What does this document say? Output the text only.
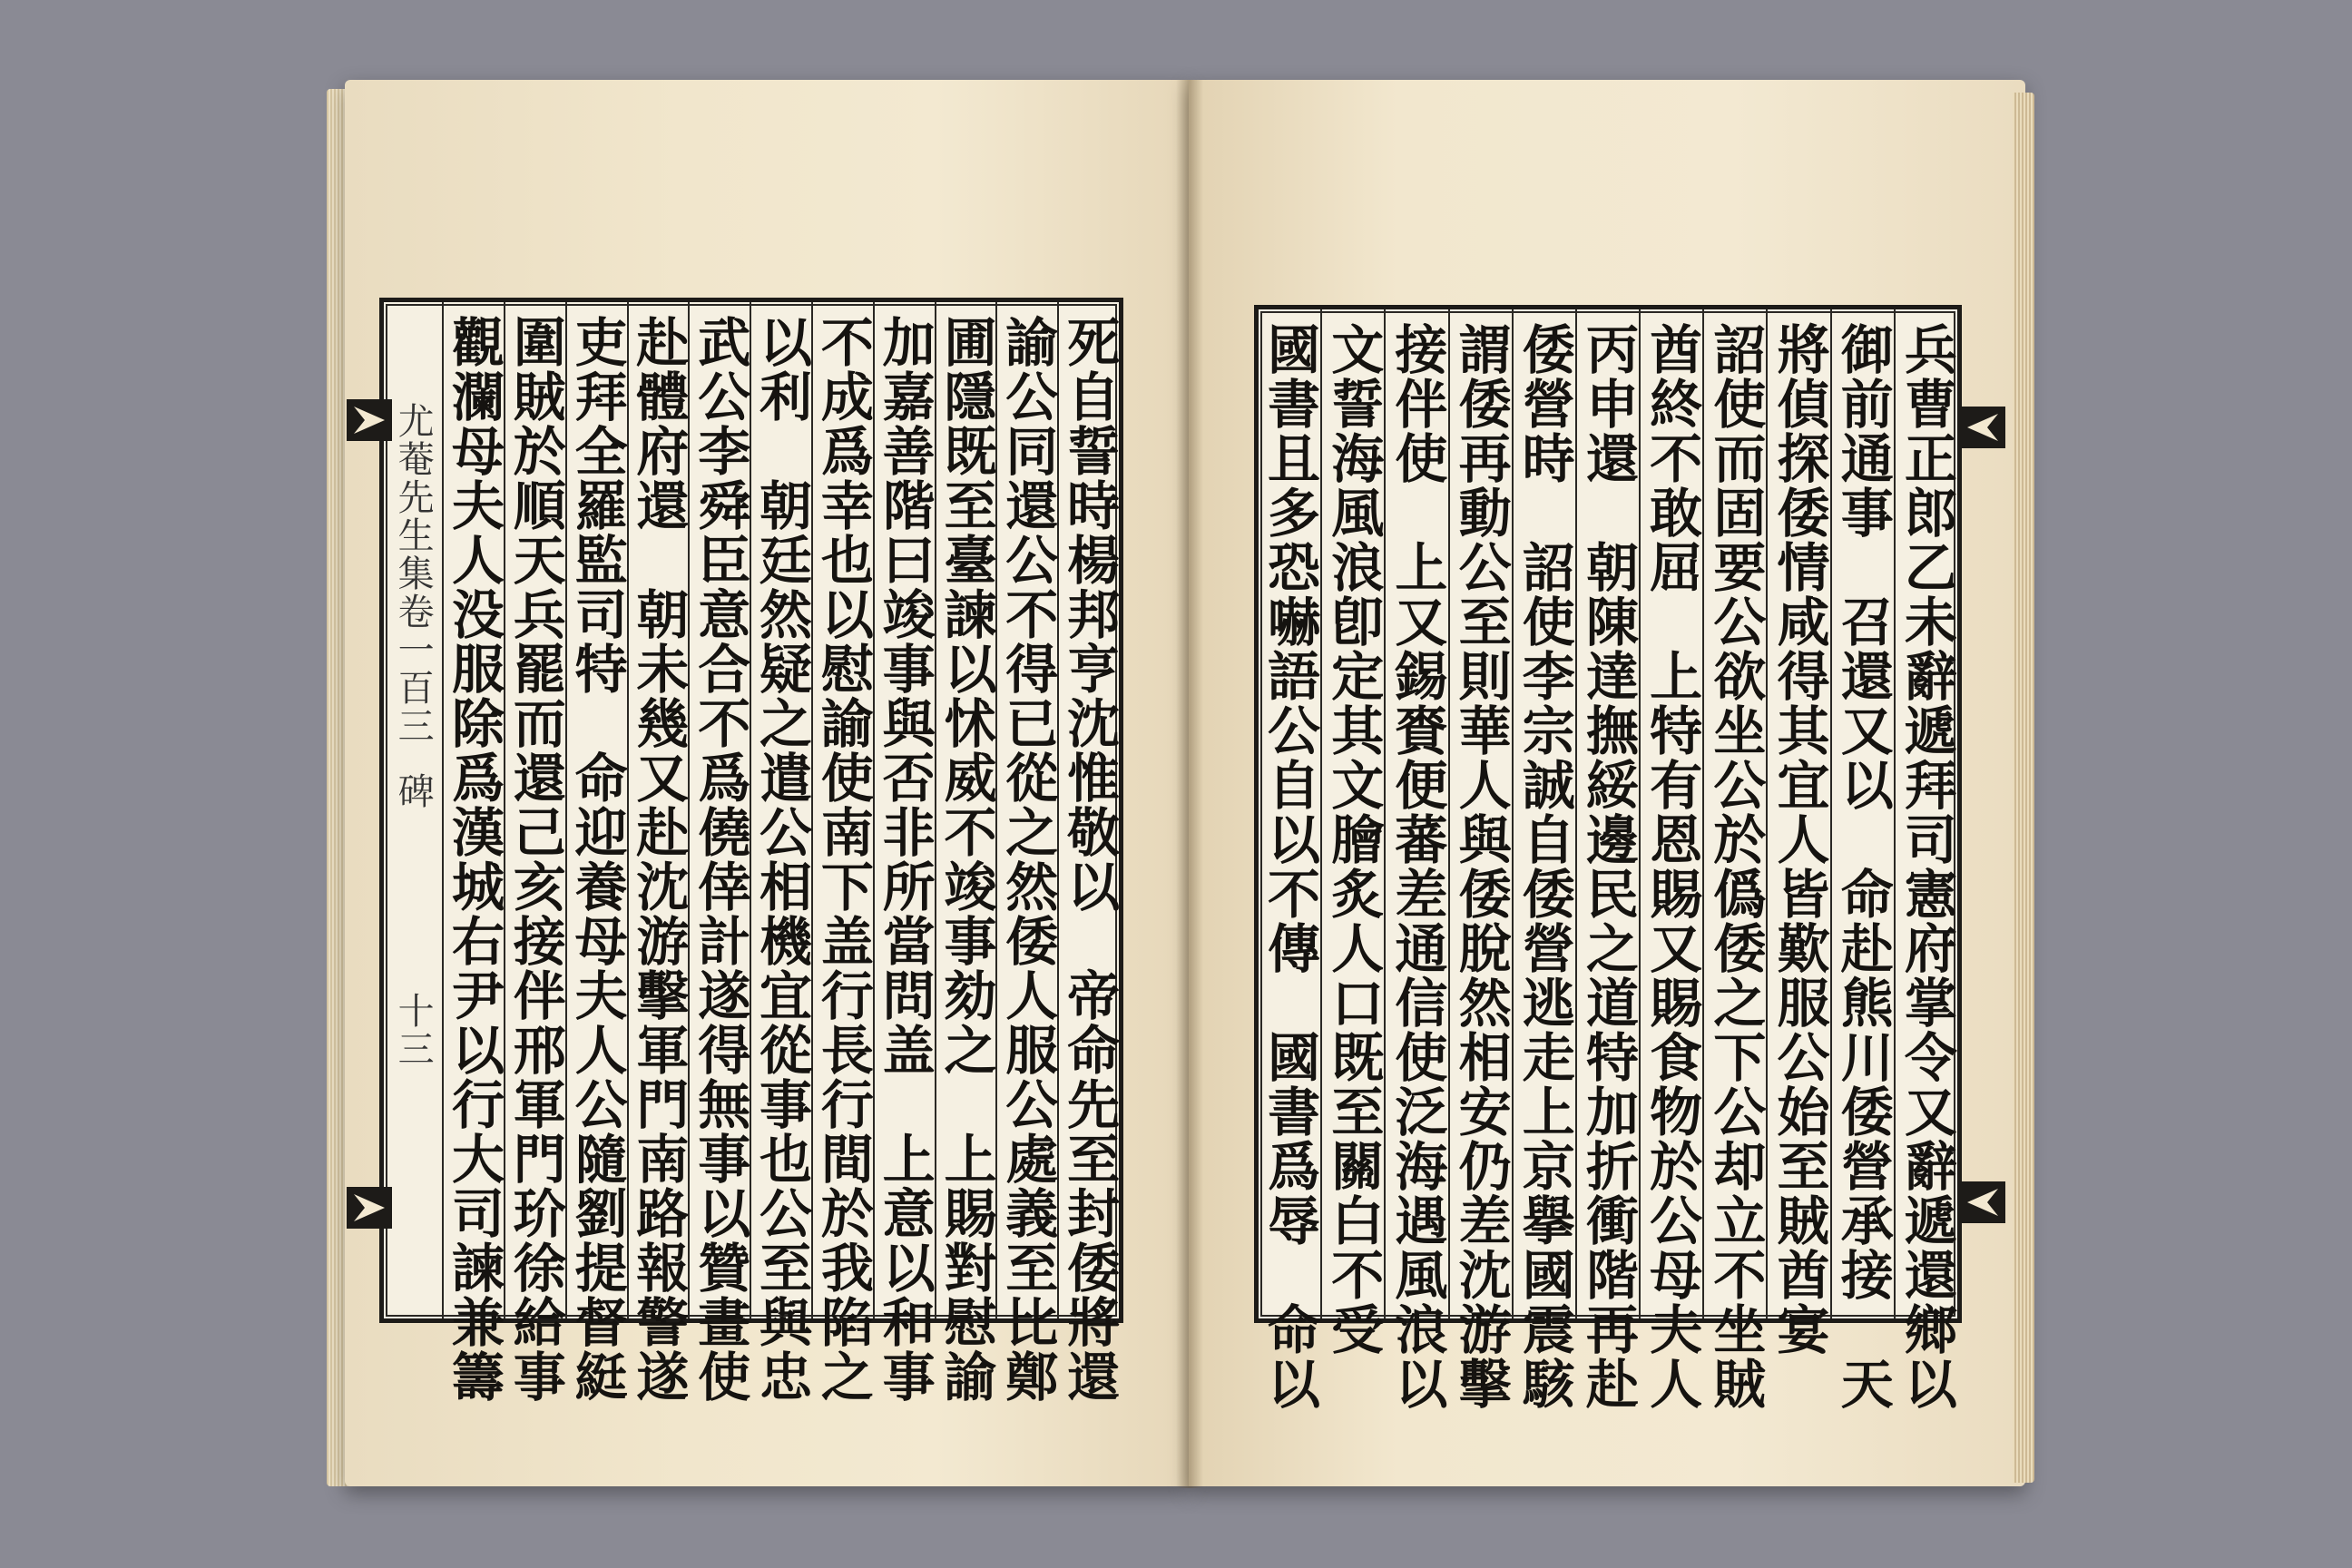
死自誓時楊邦亨沈惟敬以　帝命先至封倭將還
諭公同還公不得已從之然倭人服公處義至比鄭
圃隱既至臺諫以怵威不竣事劾之　上賜對慰諭
加嘉善階曰竣事與否非所當問盖　上意以和事
不成爲幸也以慰諭使南下盖行長行間於我陷之
以利　朝廷然疑之遣公相機宜從事也公至與忠
武公李舜臣意合不爲僥倖計遂得無事以贊畫使
赴體府還　朝未幾又赴沈游擊軍門南路報警遂
吏拜全羅監司特　命迎養母夫人公隨劉提督綎
圍賊於順天兵罷而還己亥接伴邢軍門玠徐給事
觀瀾母夫人没服除爲漢城右尹以行大司諫兼籌
尤菴先生集卷一百三
碑
十三	兵曹正郎乙未辭遞拜司憲府掌令又辭遞還鄉以
御前通事　召還又以　命赴熊川倭營承接　天
將偵探倭情咸得其宜人皆歎服公始至賊酋宴
詔使而固要公欲坐公於僞倭之下公却立不坐賊
酋終不敢屈　上特有恩賜又賜食物於公母夫人
丙申還　朝陳達撫綏邊民之道特加折衝階再赴
倭營時　詔使李宗誠自倭營逃走上京擧國震駭
謂倭再動公至則華人與倭脫然相安仍差沈游擊
接伴使　上又錫賚便蕃差通信使泛海遇風浪以
文誓海風浪卽定其文膾炙人口既至關白不受
國書且多恐嚇語公自以不傳　國書爲辱　命以
